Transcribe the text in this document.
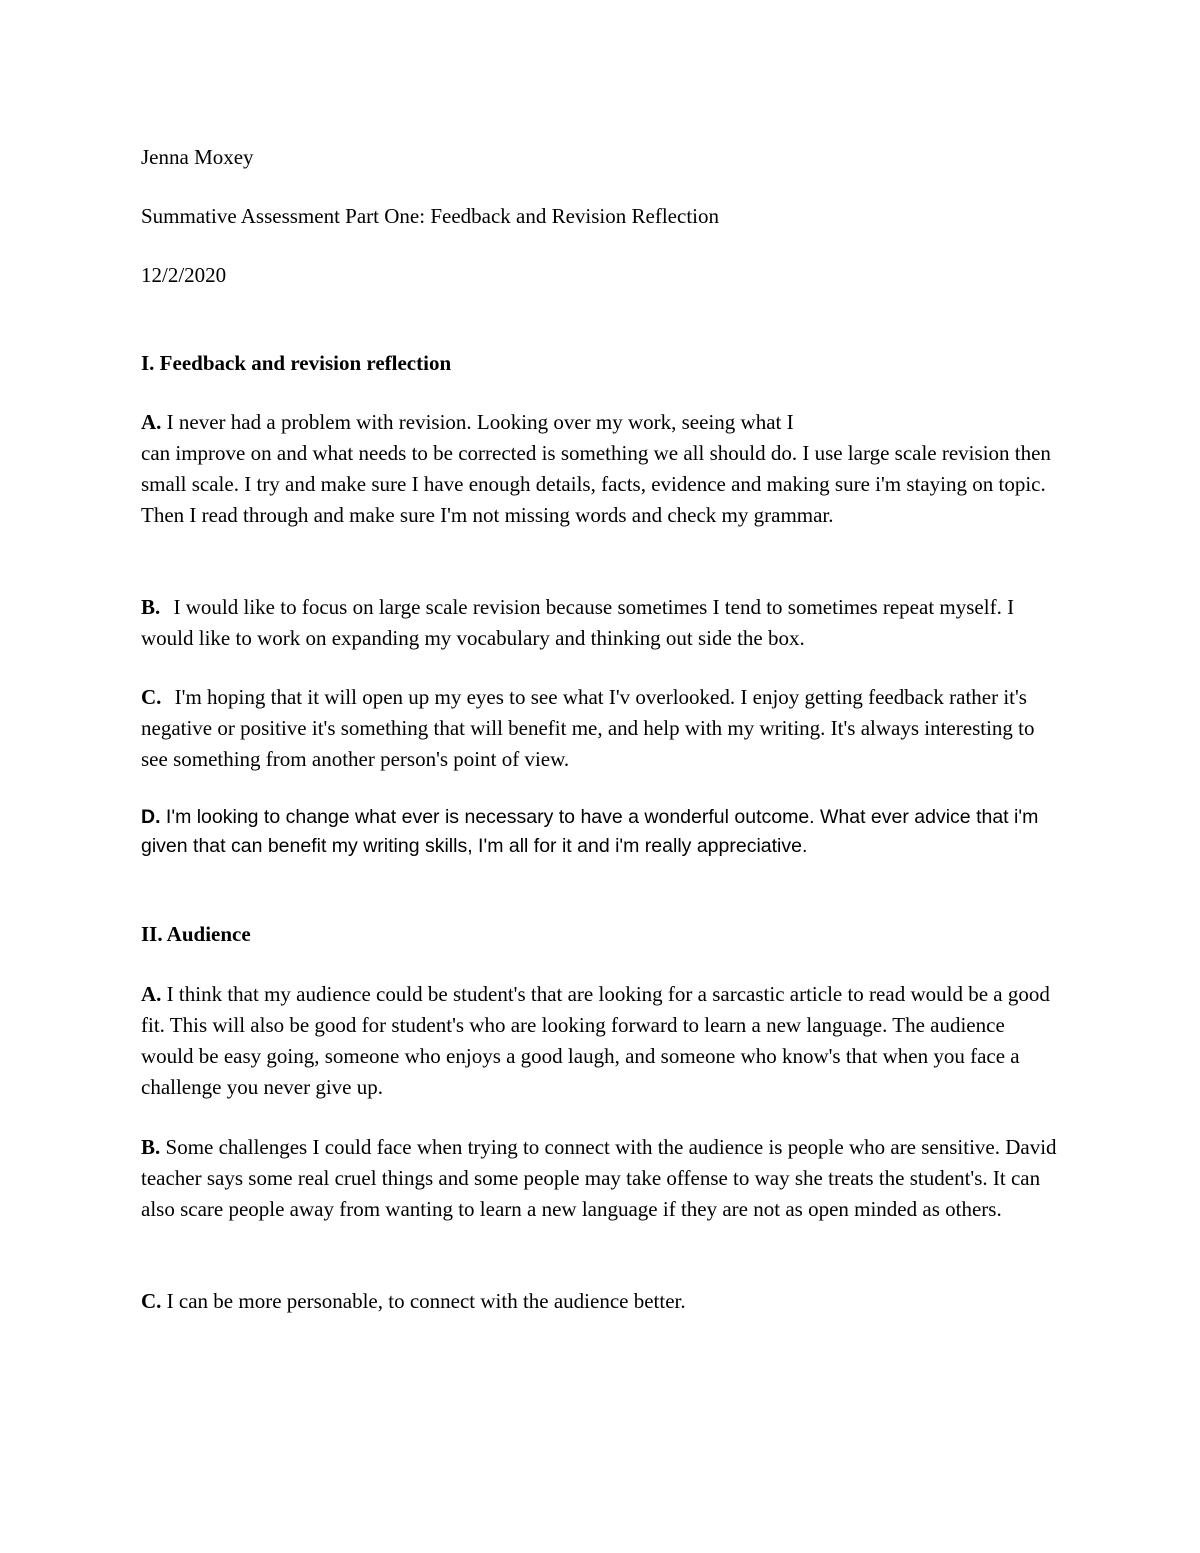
Jenna Moxey

Summative Assessment Part One: Feedback and Revision Reflection

12/2/2020

I. Feedback and revision reflection

A. I never had a problem with revision. Looking over my work, seeing what I
can improve on and what needs to be corrected is something we all should do. I use large scale revision then small scale. I try and make sure I have enough details, facts, evidence and making sure i'm staying on topic. Then I read through and make sure I'm not missing words and check my grammar.
B. I would like to focus on large scale revision because sometimes I tend to sometimes repeat myself. I would like to work on expanding my vocabulary and thinking out side the box.
C. I'm hoping that it will open up my eyes to see what I'v overlooked. I enjoy getting feedback rather it's negative or positive it's something that will benefit me, and help with my writing. It's always interesting to see something from another person's point of view.
D. I'm looking to change what ever is necessary to have a wonderful outcome. What ever advice that i'm given that can benefit my writing skills, I'm all for it and i'm really appreciative.

II. Audience

A. I think that my audience could be student's that are looking for a sarcastic article to read would be a good fit. This will also be good for student's who are looking forward to learn a new language. The audience would be easy going, someone who enjoys a good laugh, and someone who know's that when you face a challenge you never give up.
B. Some challenges I could face when trying to connect with the audience is people who are sensitive. David teacher says some real cruel things and some people may take offense to way she treats the student's. It can also scare people away from wanting to learn a new language if they are not as open minded as others.
C. I can be more personable, to connect with the audience better.
